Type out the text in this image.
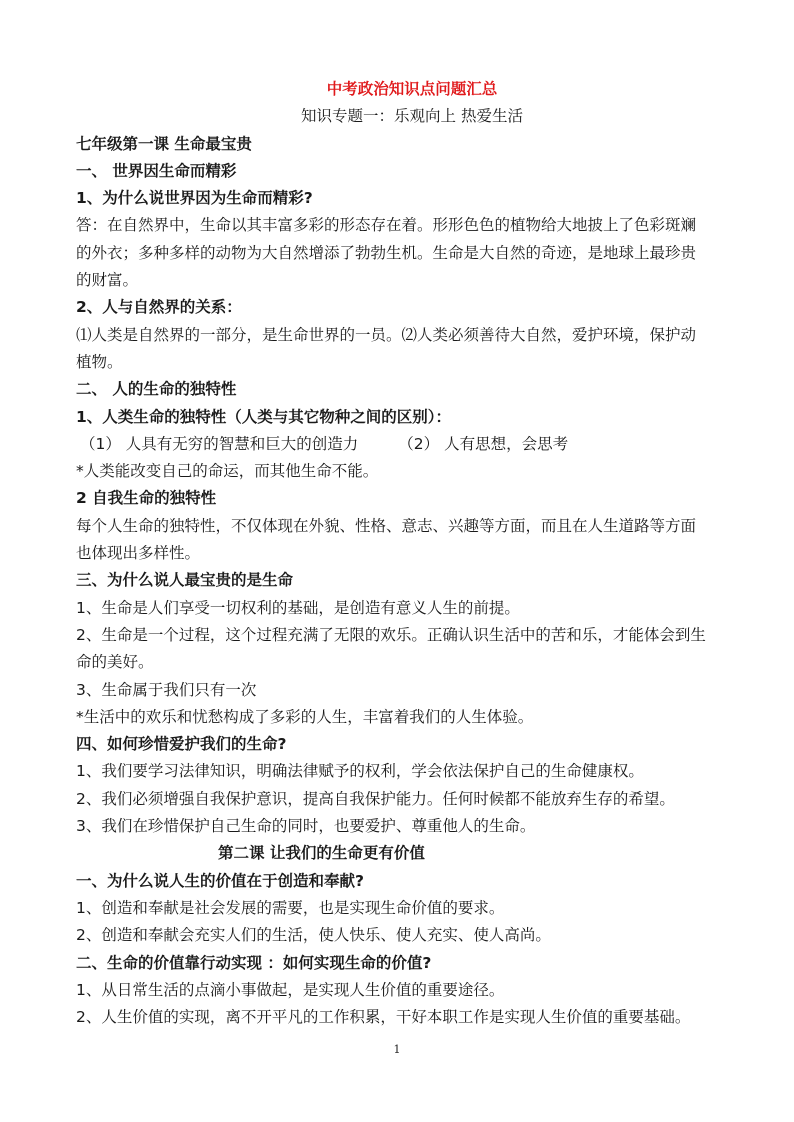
中考政治知识点问题汇总
知识专题一：乐观向上 热爱生活
七年级第一课 生命最宝贵
一、 世界因生命而精彩
1、为什么说世界因为生命而精彩?
答：在自然界中，生命以其丰富多彩的形态存在着。形形色色的植物给大地披上了色彩斑斓
的外衣；多种多样的动物为大自然增添了勃勃生机。生命是大自然的奇迹，是地球上最珍贵
的财富。
2、人与自然界的关系：
⑴人类是自然界的一部分，是生命世界的一员。⑵人类必须善待大自然，爱护环境，保护动
植物。
二、 人的生命的独特性
1、人类生命的独特性（人类与其它物种之间的区别）：
（1） 人具有无穷的智慧和巨大的创造力	（2） 人有思想，会思考
*人类能改变自己的命运，而其他生命不能。
2 自我生命的独特性
每个人生命的独特性，不仅体现在外貌、性格、意志、兴趣等方面，而且在人生道路等方面
也体现出多样性。
三、为什么说人最宝贵的是生命
1、生命是人们享受一切权利的基础，是创造有意义人生的前提。
2、生命是一个过程，这个过程充满了无限的欢乐。正确认识生活中的苦和乐，才能体会到生
命的美好。
3、生命属于我们只有一次
*生活中的欢乐和忧愁构成了多彩的人生，丰富着我们的人生体验。
四、如何珍惜爱护我们的生命?
1、我们要学习法律知识，明确法律赋予的权利，学会依法保护自己的生命健康权。
2、我们必须增强自我保护意识，提高自我保护能力。任何时候都不能放弃生存的希望。
3、我们在珍惜保护自己生命的同时，也要爱护、尊重他人的生命。
第二课 让我们的生命更有价值
一、为什么说人生的价值在于创造和奉献?
1、创造和奉献是社会发展的需要，也是实现生命价值的要求。
2、创造和奉献会充实人们的生活，使人快乐、使人充实、使人高尚。
二、生命的价值靠行动实现 ：如何实现生命的价值?
1、从日常生活的点滴小事做起，是实现人生价值的重要途径。
2、人生价值的实现，离不开平凡的工作积累，干好本职工作是实现人生价值的重要基础。
1
